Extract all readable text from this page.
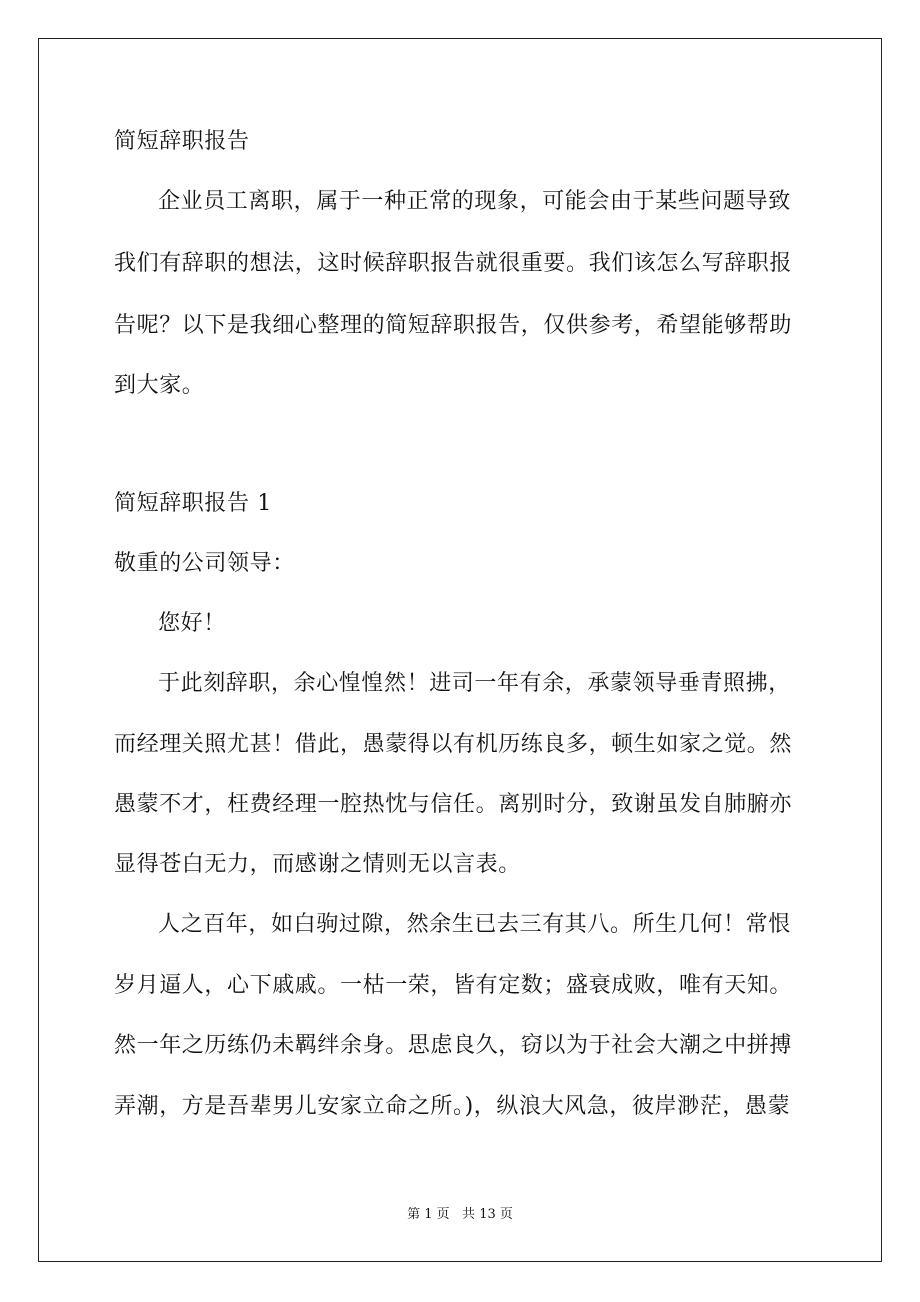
简短辞职报告
企业员工离职，属于一种正常的现象，可能会由于某些问题导致
我们有辞职的想法，这时候辞职报告就很重要。我们该怎么写辞职报
告呢？以下是我细心整理的简短辞职报告，仅供参考，希望能够帮助
到大家。
简短辞职报告 1
敬重的公司领导：
您好！
于此刻辞职，余心惶惶然！进司一年有余，承蒙领导垂青照拂，
而经理关照尤甚！借此，愚蒙得以有机历练良多，顿生如家之觉。然
愚蒙不才，枉费经理一腔热忱与信任。离别时分，致谢虽发自肺腑亦
显得苍白无力，而感谢之情则无以言表。
人之百年，如白驹过隙，然余生已去三有其八。所生几何！常恨
岁月逼人，心下戚戚。一枯一荣，皆有定数；盛衰成败，唯有天知。
然一年之历练仍未羁绊余身。思虑良久，窃以为于社会大潮之中拼搏
弄潮，方是吾辈男儿安家立命之所。)，纵浪大风急，彼岸渺茫，愚蒙
第 1 页   共 13 页
